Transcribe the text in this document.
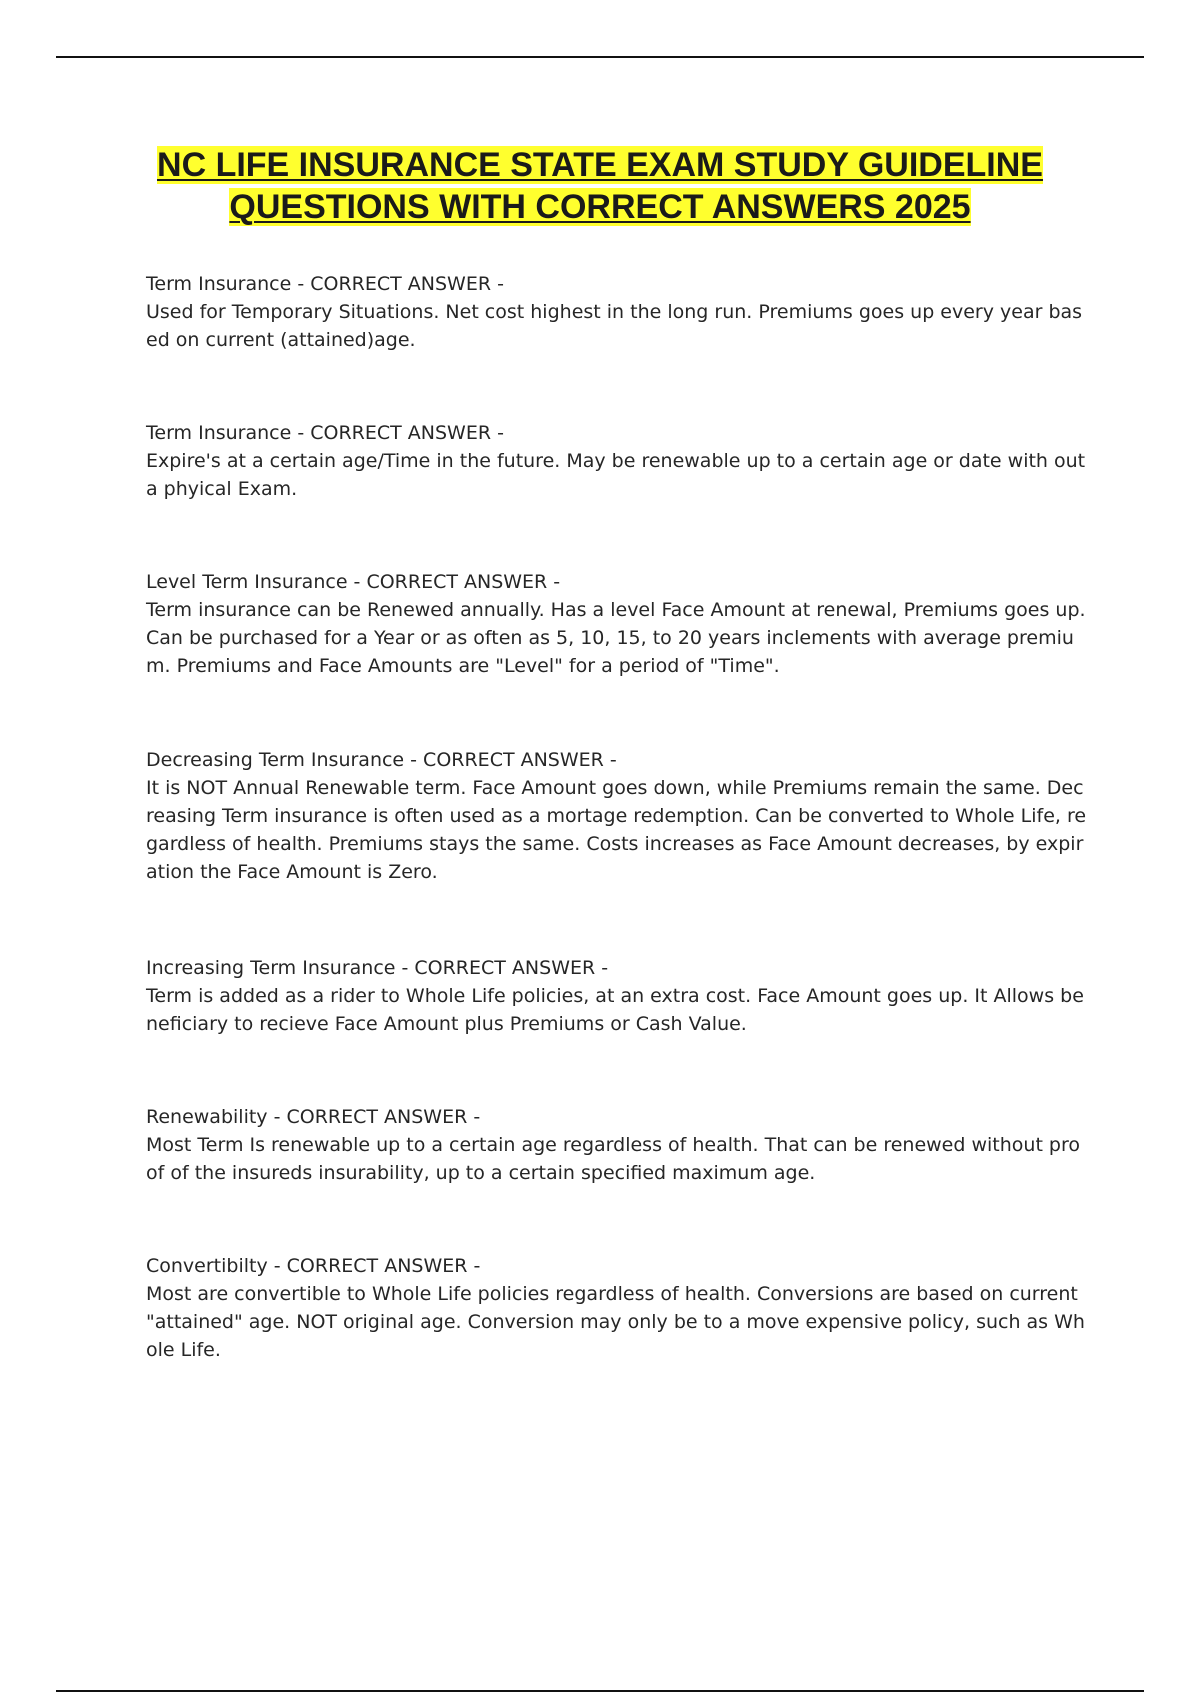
NC LIFE INSURANCE STATE EXAM STUDY GUIDELINE QUESTIONS WITH CORRECT ANSWERS 2025

Term Insurance - CORRECT ANSWER -

Used for Temporary Situations. Net cost highest in the long run. Premiums goes up every year based on current (attained)age.

Term Insurance - CORRECT ANSWER -

Expire's at a certain age/Time in the future. May be renewable up to a certain age or date with out a phyical Exam.

Level Term Insurance - CORRECT ANSWER -

Term insurance can be Renewed annually. Has a level Face Amount at renewal, Premiums goes up. Can be purchased for a Year or as often as 5, 10, 15, to 20 years inclements with average premium. Premiums and Face Amounts are "Level" for a period of "Time".

Decreasing Term Insurance - CORRECT ANSWER -

It is NOT Annual Renewable term. Face Amount goes down, while Premiums remain the same. Decreasing Term insurance is often used as a mortage redemption. Can be converted to Whole Life, regardless of health. Premiums stays the same. Costs increases as Face Amount decreases, by expiration the Face Amount is Zero.

Increasing Term Insurance - CORRECT ANSWER -

Term is added as a rider to Whole Life policies, at an extra cost. Face Amount goes up. It Allows beneficiary to recieve Face Amount plus Premiums or Cash Value.

Renewability - CORRECT ANSWER -

Most Term Is renewable up to a certain age regardless of health. That can be renewed without proof of the insureds insurability, up to a certain specified maximum age.

Convertibilty - CORRECT ANSWER -

Most are convertible to Whole Life policies regardless of health. Conversions are based on current "attained" age. NOT original age. Conversion may only be to a move expensive policy, such as Whole Life.
